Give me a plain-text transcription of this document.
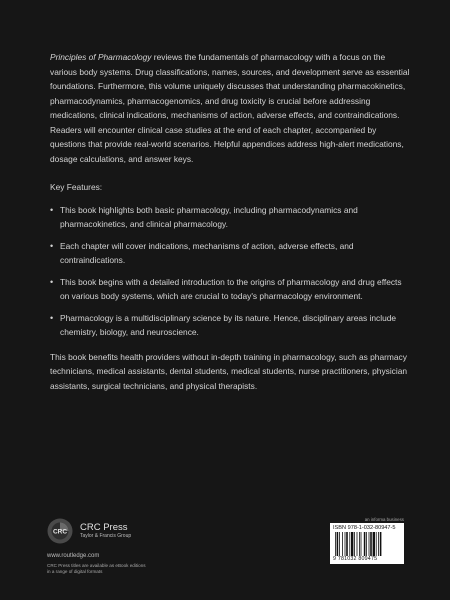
Principles of Pharmacology reviews the fundamentals of pharmacology with a focus on the various body systems. Drug classifications, names, sources, and development serve as essential foundations. Furthermore, this volume uniquely discusses that understanding pharmacokinetics, pharmacodynamics, pharmacogenomics, and drug toxicity is crucial before addressing medications, clinical indications, mechanisms of action, adverse effects, and contraindications. Readers will encounter clinical case studies at the end of each chapter, accompanied by questions that provide real-world scenarios. Helpful appendices address high-alert medications, dosage calculations, and answer keys.

Key Features:

• This book highlights both basic pharmacology, including pharmacodynamics and pharmacokinetics, and clinical pharmacology.
• Each chapter will cover indications, mechanisms of action, adverse effects, and contraindications.
• This book begins with a detailed introduction to the origins of pharmacology and drug effects on various body systems, which are crucial to today's pharmacology environment.
• Pharmacology is a multidisciplinary science by its nature. Hence, disciplinary areas include chemistry, biology, and neuroscience.

This book benefits health providers without in-depth training in pharmacology, such as pharmacy technicians, medical assistants, dental students, medical students, nurse practitioners, physician assistants, surgical technicians, and physical therapists.

CRC CRC Press
Taylor & Francis Group
www.routledge.com
CRC Press titles are available as eBook editions
in a range of digital formats
an informa business
ISBN 978-1-032-80947-5
9 781032 809475
